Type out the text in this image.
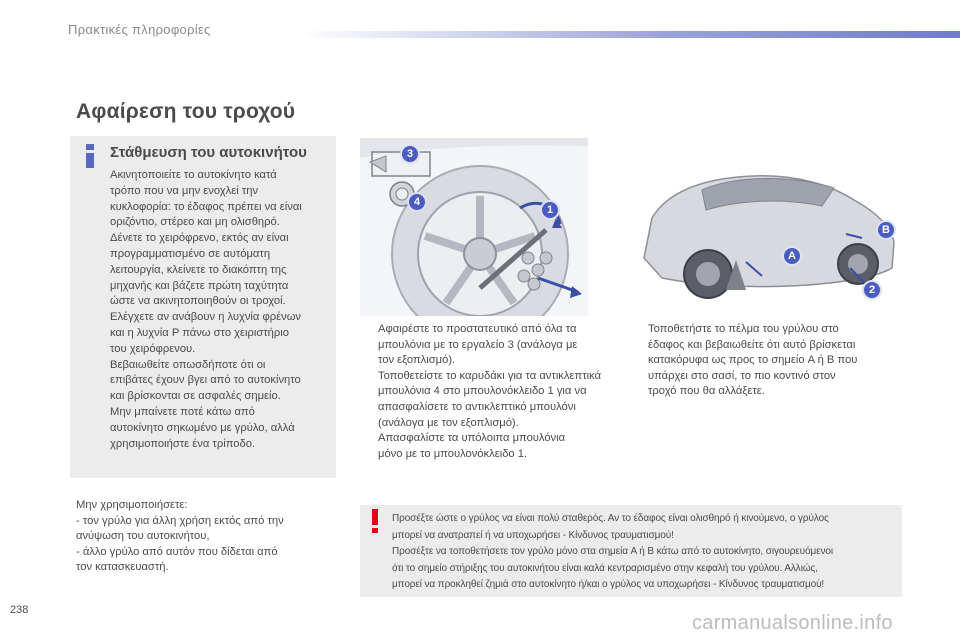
Πρακτικές πληροφορίες
Αφαίρεση του τροχού
Στάθμευση του αυτοκινήτου

Ακινητοποιείτε το αυτοκίνητο κατά

τρόπο που να μην ενοχλεί την

κυκλοφορία: το έδαφος πρέπει να είναι

οριζόντιο, στέρεο και μη ολισθηρό.

Δένετε το χειρόφρενο, εκτός αν είναι

προγραμματισμένο σε αυτόματη

λειτουργία, κλείνετε το διακόπτη της

μηχανής και βάζετε πρώτη ταχύτητα

ώστε να ακινητοποιηθούν οι τροχοί.

Ελέγχετε αν ανάβουν η λυχνία φρένων

και η λυχνία P πάνω στο χειριστήριο

του χειρόφρενου.

Βεβαιωθείτε οπωσδήποτε ότι οι

επιβάτες έχουν βγει από το αυτοκίνητο

και βρίσκονται σε ασφαλές σημείο.

Μην μπαίνετε ποτέ κάτω από

αυτοκίνητο σηκωμένο με γρύλο, αλλά

χρησιμοποιήστε ένα τρίποδο.

Μην χρησιμοποιήσετε:

- τον γρύλο για άλλη χρήση εκτός από την

ανύψωση του αυτοκινήτου,

- άλλο γρύλο από αυτόν που δίδεται από

τον κατασκευαστή.

3
4
1
A
B
2

Αφαιρέστε το προστατευτικό από όλα τα

μπουλόνια με το εργαλείο 3 (ανάλογα με

τον εξοπλισμό).

Τοποθετείστε το καρυδάκι για τα αντικλεπτικά

μπουλόνια 4 στο μπουλονόκλειδο 1 για να

απασφαλίσετε το αντικλεπτικό μπουλόνι

(ανάλογα με τον εξοπλισμό).

Απασφαλίστε τα υπόλοιπα μπουλόνια

μόνο με το μπουλονόκλειδο 1.

Τοποθετήστε το πέλμα του γρύλου στο

έδαφος και βεβαιωθείτε ότι αυτό βρίσκεται

κατακόρυφα ως προς το σημείο A ή B που

υπάρχει στο σασί, το πιο κοντινό στον

τροχό που θα αλλάξετε.

Προσέξτε ώστε ο γρύλος να είναι πολύ σταθερός. Αν το έδαφος είναι ολισθηρό ή κινούμενο, ο γρύλος

μπορεί να ανατραπεί ή να υποχωρήσει - Κίνδυνος τραυματισμού!

Προσέξτε να τοποθετήσετε τον γρύλο μόνο στα σημεία A ή B κάτω από το αυτοκίνητο, σιγουρευόμενοι

ότι το σημείο στήριξης του αυτοκινήτου είναι καλά κεντραρισμένο στην κεφαλή του γρύλου. Αλλιώς,

μπορεί να προκληθεί ζημιά στο αυτοκίνητο ή/και ο γρύλος να υποχωρήσει - Κίνδυνος τραυματισμού!

238
carmanualsonline.info
